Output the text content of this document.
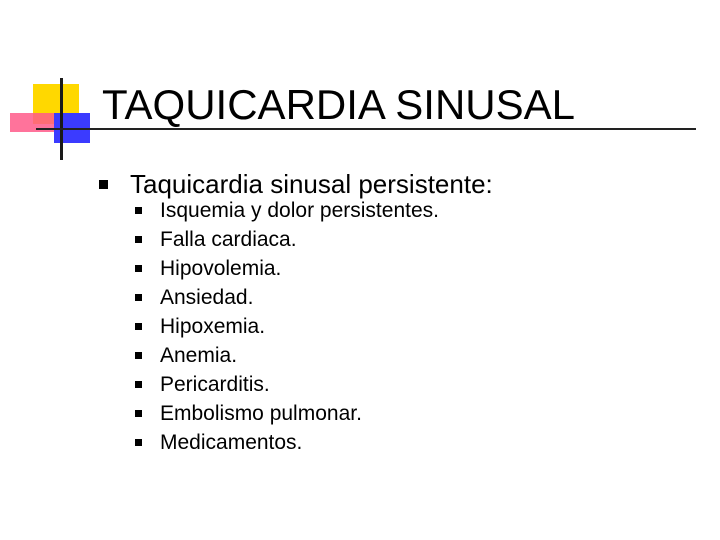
TAQUICARDIA SINUSAL
Taquicardia sinusal persistente:
Isquemia y dolor persistentes.
Falla cardiaca.
Hipovolemia.
Ansiedad.
Hipoxemia.
Anemia.
Pericarditis.
Embolismo pulmonar.
Medicamentos.
